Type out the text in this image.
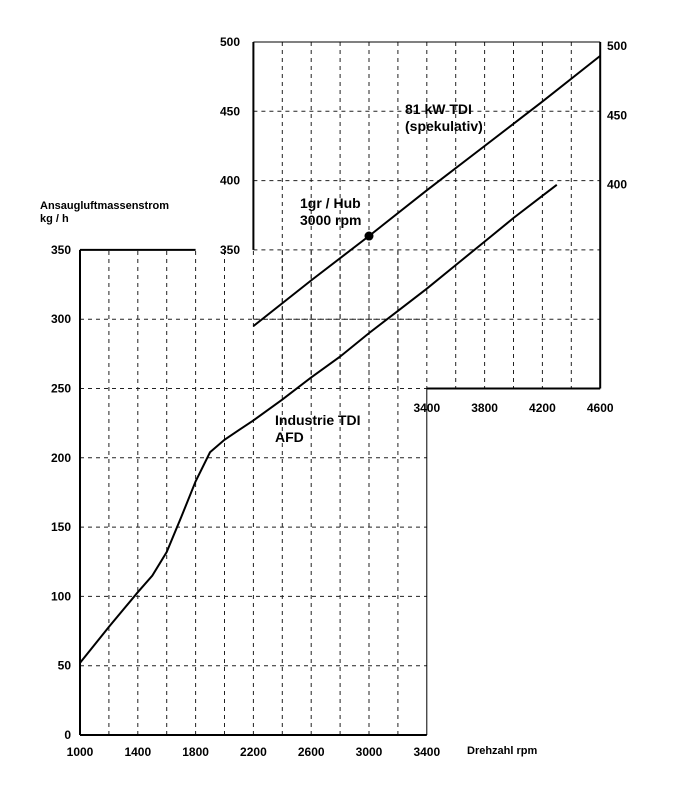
1000	1400	1800	2200	2600	3000	3400
0
50
100
150
200
250
300
350
3400	3800	4200	4600
500
450
400
350
500
450
400
Ansaugluftmassenstrom
kg / h
Drehzahl rpm
81 kW TDI
(spekulativ)
1gr / Hub
3000 rpm
Industrie TDI
AFD
